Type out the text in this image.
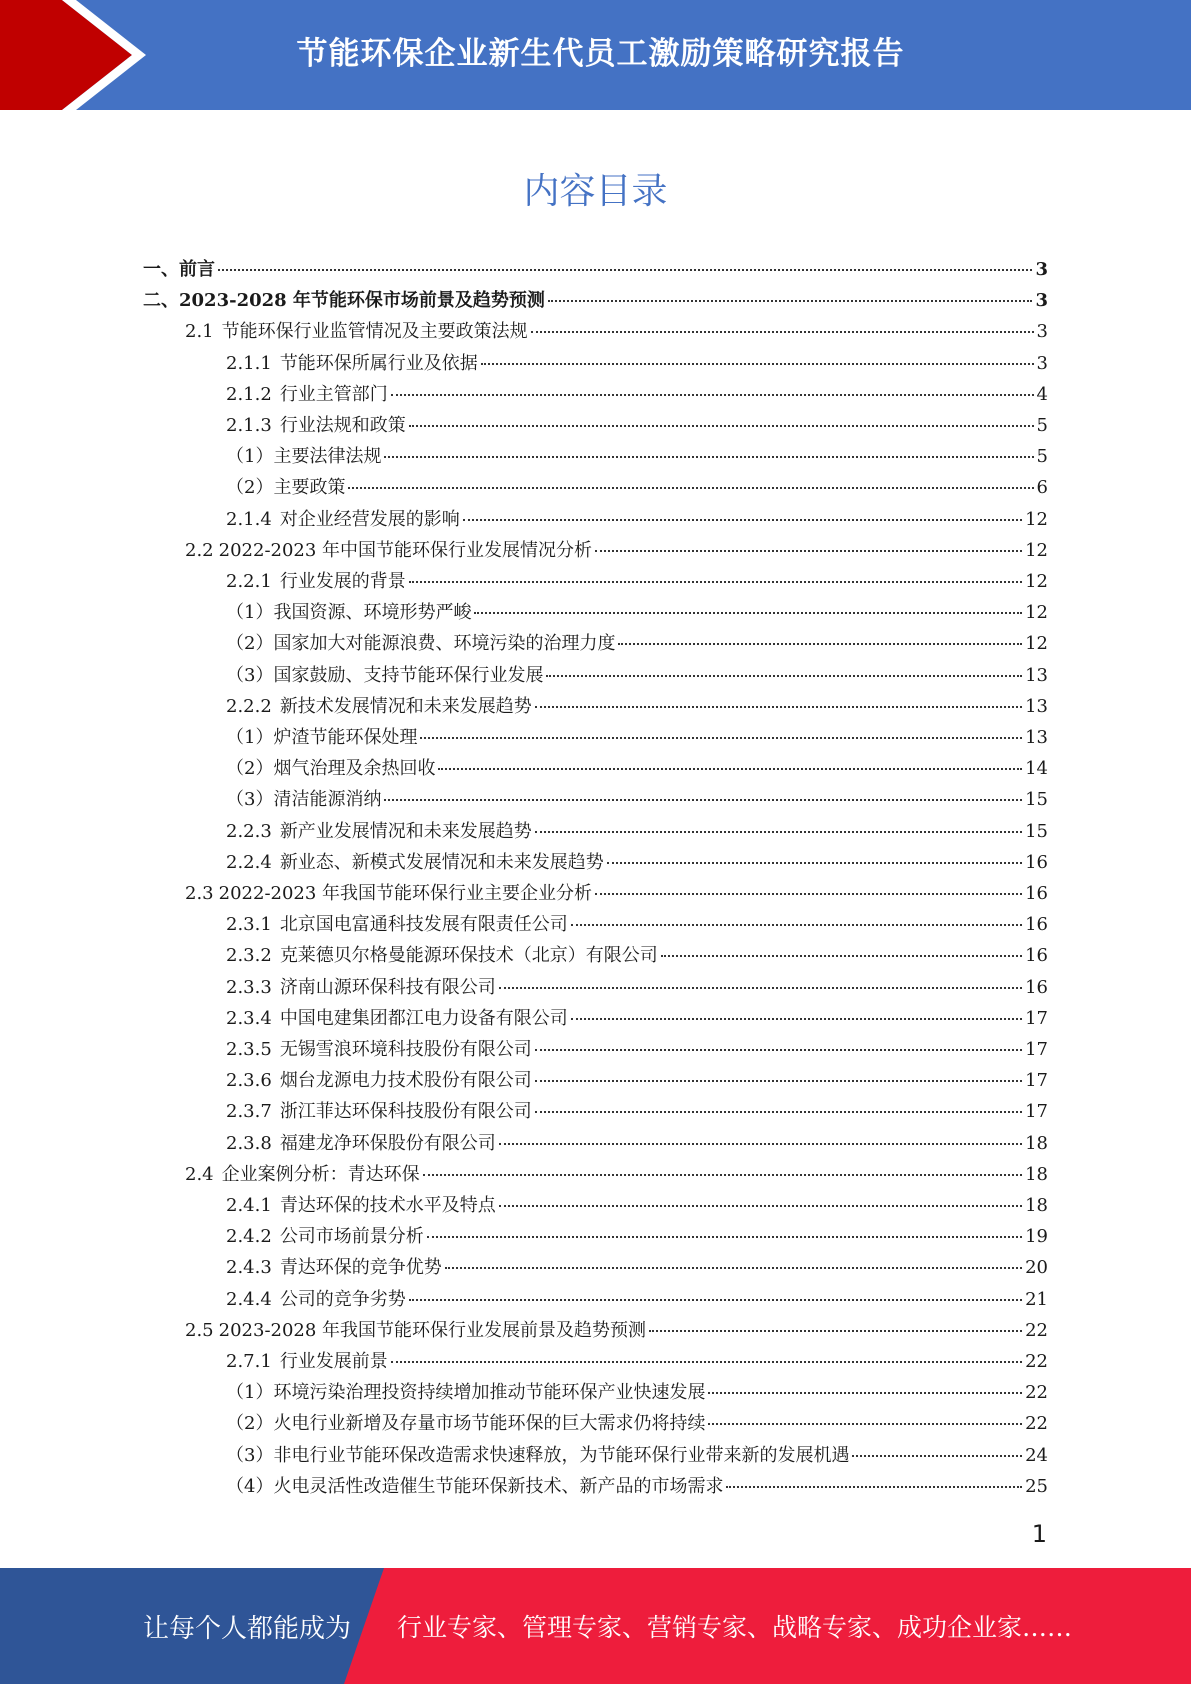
节能环保企业新生代员工激励策略研究报告
内容目录
一、 前言	3
二、 2023-2028 年节能环保市场前景及趋势预测	3
2.1 节能环保行业监管情况及主要政策法规	3
2.1.1 节能环保所属行业及依据	3
2.1.2 行业主管部门	4
2.1.3 行业法规和政策	5
（1） 主要法律法规	5
（2） 主要政策	6
2.1.4 对企业经营发展的影响	12
2.2 2022-2023 年中国节能环保行业发展情况分析	12
2.2.1 行业发展的背景	12
（1） 我国资源、环境形势严峻	12
（2） 国家加大对能源浪费、环境污染的治理力度	12
（3） 国家鼓励、支持节能环保行业发展	13
2.2.2 新技术发展情况和未来发展趋势	13
（1） 炉渣节能环保处理	13
（2） 烟气治理及余热回收	14
（3） 清洁能源消纳	15
2.2.3 新产业发展情况和未来发展趋势	15
2.2.4 新业态、新模式发展情况和未来发展趋势	16
2.3 2022-2023 年我国节能环保行业主要企业分析	16
2.3.1 北京国电富通科技发展有限责任公司	16
2.3.2 克莱德贝尔格曼能源环保技术（北京）有限公司	16
2.3.3 济南山源环保科技有限公司	16
2.3.4 中国电建集团都江电力设备有限公司	17
2.3.5 无锡雪浪环境科技股份有限公司	17
2.3.6 烟台龙源电力技术股份有限公司	17
2.3.7 浙江菲达环保科技股份有限公司	17
2.3.8 福建龙净环保股份有限公司	18
2.4 企业案例分析：青达环保	18
2.4.1 青达环保的技术水平及特点	18
2.4.2 公司市场前景分析	19
2.4.3 青达环保的竞争优势	20
2.4.4 公司的竞争劣势	21
2.5 2023-2028 年我国节能环保行业发展前景及趋势预测	22
2.7.1 行业发展前景	22
（1） 环境污染治理投资持续增加推动节能环保产业快速发展	22
（2） 火电行业新增及存量市场节能环保的巨大需求仍将持续	22
（3） 非电行业节能环保改造需求快速释放，为节能环保行业带来新的发展机遇	24
（4） 火电灵活性改造催生节能环保新技术、新产品的市场需求	25
1
让每个人都能成为 行业专家、管理专家、营销专家、战略专家、成功企业家……
